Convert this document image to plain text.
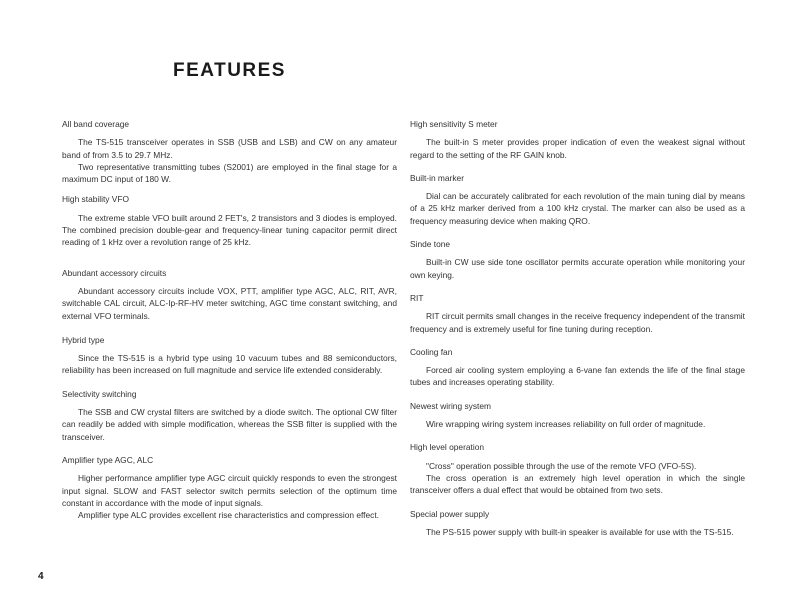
FEATURES

All band coverage

The TS-515 transceiver operates in SSB (USB and LSB) and CW on any amateur band of from 3.5 to 29.7 MHz.

Two representative transmitting tubes (S2001) are employed in the final stage for a maximum DC input of 180 W.

High stability VFO

The extreme stable VFO built around 2 FET's, 2 transistors and 3 diodes is employed. The combined precision double-gear and frequency-linear tuning capacitor permit direct reading of 1 kHz over a revolution range of 25 kHz.

Abundant accessory circuits

Abundant accessory circuits include VOX, PTT, amplifier type AGC, ALC, RIT, AVR, switchable CAL circuit, ALC-Ip-RF-HV meter switching, AGC time constant switching, and external VFO terminals.

Hybrid type

Since the TS-515 is a hybrid type using 10 vacuum tubes and 88 semiconductors, reliability has been increased on full magnitude and service life extended considerably.

Selectivity switching

The SSB and CW crystal filters are switched by a diode switch. The optional CW filter can readily be added with simple modification, whereas the SSB filter is supplied with the transceiver.

Amplifier type AGC, ALC

Higher performance amplifier type AGC circuit quickly responds to even the strongest input signal. SLOW and FAST selector switch permits selection of the optimum time constant in accordance with the mode of input signals.

Amplifier type ALC provides excellent rise characteristics and compression effect.

High sensitivity S meter

The built-in S meter provides proper indication of even the weakest signal without regard to the setting of the RF GAIN knob.

Built-in marker

Dial can be accurately calibrated for each revolution of the main tuning dial by means of a 25 kHz marker derived from a 100 kHz crystal. The marker can also be used as a frequency measuring device when making QRO.

Sinde tone

Built-in CW use side tone oscillator permits accurate operation while monitoring your own keying.

RIT

RIT circuit permits small changes in the receive frequency independent of the transmit frequency and is extremely useful for fine tuning during reception.

Cooling fan

Forced air cooling system employing a 6-vane fan extends the life of the final stage tubes and increases operating stability.

Newest wiring system

Wire wrapping wiring system increases reliability on full order of magnitude.

High level operation

"Cross" operation possible through the use of the remote VFO (VFO-5S).

The cross operation is an extremely high level operation in which the single transceiver offers a dual effect that would be obtained from two sets.

Special power supply

The PS-515 power supply with built-in speaker is available for use with the TS-515.

4
